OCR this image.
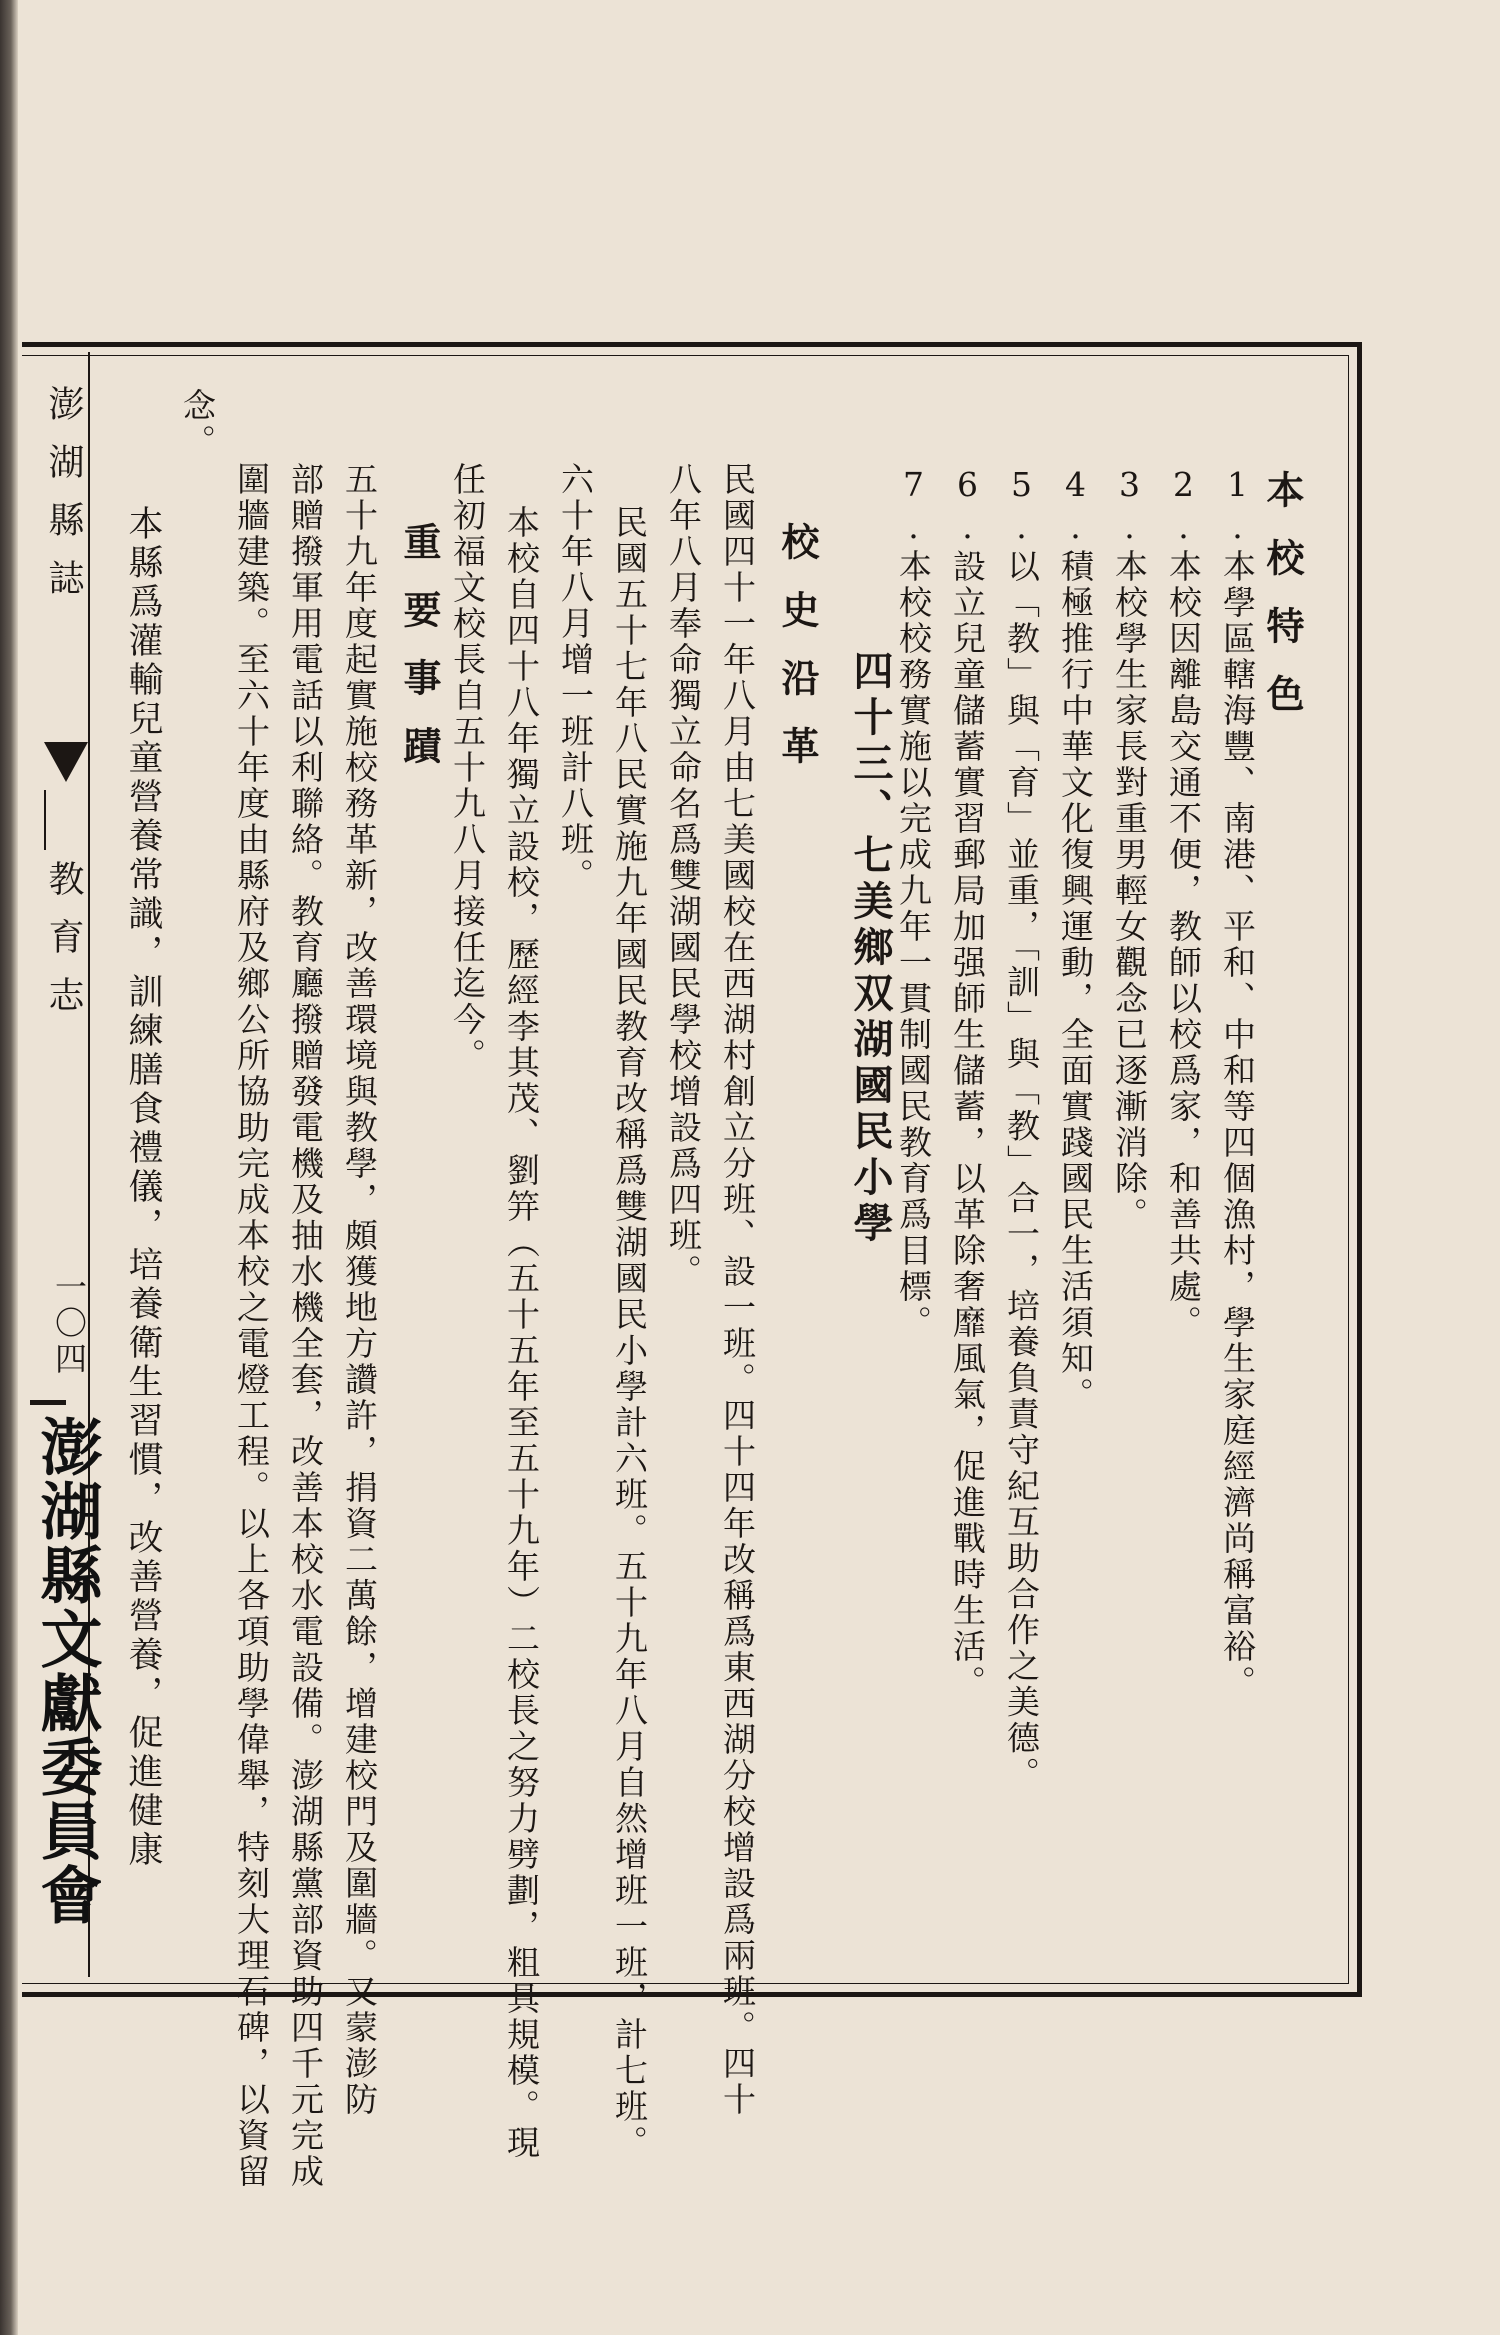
本校特色
1.本學區轄海豐、南港、平和、中和等四個漁村，學生家庭經濟尚稱富裕。
2.本校因離島交通不便，教師以校爲家，和善共處。
3.本校學生家長對重男輕女觀念已逐漸消除。
4.積極推行中華文化復興運動，全面實踐國民生活須知。
5.以「教」與「育」並重，「訓」與「教」合一，培養負責守紀互助合作之美德。
6.設立兒童儲蓄實習郵局加强師生儲蓄，以革除奢靡風氣，促進戰時生活。
7.本校校務實施以完成九年一貫制國民教育爲目標。
四十三、七美鄉双湖國民小學
校史沿革
民國四十一年八月由七美國校在西湖村創立分班、設一班。四十四年改稱爲東西湖分校增設爲兩班。四十
八年八月奉命獨立命名爲雙湖國民學校增設爲四班。
民國五十七年八民實施九年國民教育改稱爲雙湖國民小學計六班。五十九年八月自然增班一班，計七班。
六十年八月增一班計八班。
本校自四十八年獨立設校，歷經李其茂、劉笄（五十五年至五十九年）二校長之努力劈劃，粗具規模。現
任初福文校長自五十九八月接任迄今。
重要事蹟
五十九年度起實施校務革新，改善環境與教學，頗獲地方讚許，捐資二萬餘，增建校門及圍牆。又蒙澎防
部贈撥軍用電話以利聯絡。教育廳撥贈發電機及抽水機全套，改善本校水電設備。澎湖縣黨部資助四千元完成
圍牆建築。至六十年度由縣府及鄉公所協助完成本校之電燈工程。以上各項助學偉舉，特刻大理石碑，以資留
念。
本縣爲灌輸兒童營養常識，訓練膳食禮儀，培養衛生習慣，改善營養，促進健康
澎湖縣誌
教育志
一〇四
澎湖縣文獻委員會
